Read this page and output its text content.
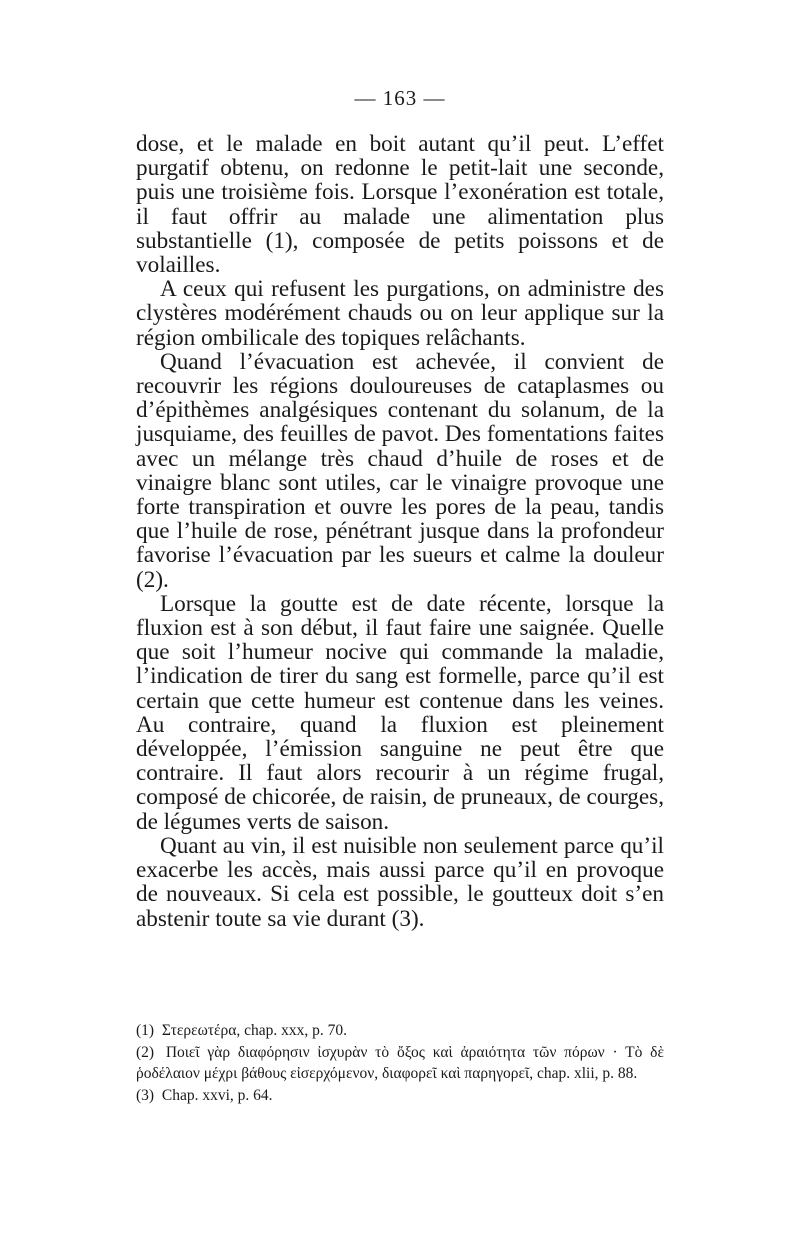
— 163 —

dose, et le malade en boit autant qu’il peut. L’effet purgatif obtenu, on redonne le petit-lait une seconde, puis une troisième fois. Lorsque l’exonération est totale, il faut offrir au malade une alimentation plus substantielle (1), composée de petits poissons et de volailles.

A ceux qui refusent les purgations, on administre des clystères modérément chauds ou on leur applique sur la région ombilicale des topiques relâchants.

Quand l’évacuation est achevée, il convient de recouvrir les régions douloureuses de cataplasmes ou d’épithèmes analgésiques contenant du solanum, de la jusquiame, des feuilles de pavot. Des fomentations faites avec un mélange très chaud d’huile de roses et de vinaigre blanc sont utiles, car le vinaigre provoque une forte transpiration et ouvre les pores de la peau, tandis que l’huile de rose, pénétrant jusque dans la profondeur favorise l’évacuation par les sueurs et calme la douleur (2).

Lorsque la goutte est de date récente, lorsque la fluxion est à son début, il faut faire une saignée. Quelle que soit l’humeur nocive qui commande la maladie, l’indication de tirer du sang est formelle, parce qu’il est certain que cette humeur est contenue dans les veines. Au contraire, quand la fluxion est pleinement développée, l’émission sanguine ne peut être que contraire. Il faut alors recourir à un régime frugal, composé de chicorée, de raisin, de pruneaux, de courges, de légumes verts de saison.

Quant au vin, il est nuisible non seulement parce qu’il exacerbe les accès, mais aussi parce qu’il en provoque de nouveaux. Si cela est possible, le goutteux doit s’en abstenir toute sa vie durant (3).

(1) Στερεωτέρα, chap. xxx, p. 70.

(2) Ποιεῖ γὰρ διαφόρησιν ἰσχυρὰν τὸ ὄξος καὶ ἀραιότητα τῶν πόρων · Τὸ δὲ ῥοδέλαιον μέχρι βάθους εἰσερχόμενον, διαφορεῖ καὶ παρηγορεῖ, chap. xlii, p. 88.

(3) Chap. xxvi, p. 64.
